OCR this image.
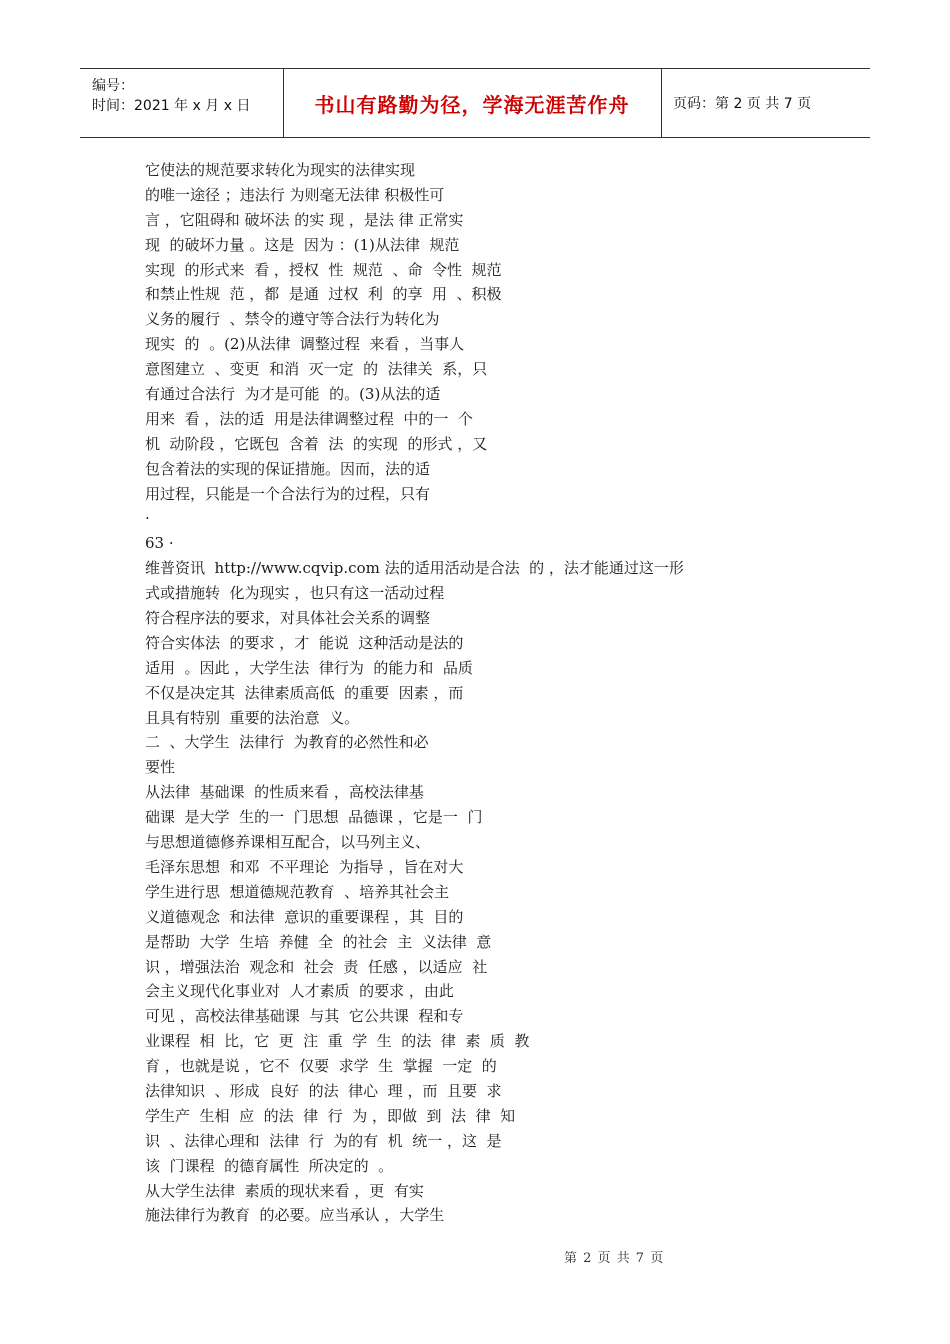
编号：
时间：2021 年 x 月 x 日	书山有路勤为径，学海无涯苦作舟	页码：第 2 页 共 7 页
它使法的规范要求转化为现实的法律实现
的唯一途径 ；违法行 为则毫无法律 积极性可
言 ，它阻碍和 破坏法 的实 现 ，是法 律 正常实
现  的破坏力量 。这是  因为 ：(1)从法律  规范
实现  的形式来  看 ，授权  性  规范  、命  令性  规范
和禁止性规  范 ，都  是通  过权  利  的享  用  、积极
义务的履行  、禁令的遵守等合法行为转化为
现实  的  。(2)从法律  调整过程  来看 ，当事人
意图建立  、变更  和消  灭一定  的  法律关  系，只
有通过合法行  为才是可能  的。(3)从法的适
用来  看 ，法的适  用是法律调整过程  中的一  个
机  动阶段 ，它既包  含着  法  的实现  的形式 ，又
包含着法的实现的保证措施。因而，法的适
用过程，只能是一个合法行为的过程，只有
·
63 ·
维普资讯  http://www.cqvip.com 法的适用活动是合法  的 ，法才能通过这一形
式或措施转  化为现实 ，也只有这一活动过程
符合程序法的要求，对具体社会关系的调整
符合实体法  的要求 ，才  能说  这种活动是法的
适用  。因此 ，大学生法  律行为  的能力和  品质
不仅是决定其  法律素质高低  的重要  因素 ，而
且具有特别  重要的法治意  义。
二  、大学生  法律行  为教育的必然性和必
要性
从法律  基础课  的性质来看 ，高校法律基
础课  是大学  生的一  门思想  品德课 ，它是一  门
与思想道德修养课相互配合，以马列主义、
毛泽东思想  和邓  不平理论  为指导 ，旨在对大
学生进行思  想道德规范教育  、培养其社会主
义道德观念  和法律  意识的重要课程 ，其  目的
是帮助  大学  生培  养健  全  的社会  主  义法律  意
识 ，增强法治  观念和  社会  责  任感 ，以适应  社
会主义现代化事业对  人才素质  的要求 ，由此
可见 ，高校法律基础课  与其  它公共课  程和专
业课程  相  比，它  更  注  重  学  生  的法  律  素  质  教
育 ，也就是说 ，它不  仅要  求学  生  掌握  一定  的
法律知识  、形成  良好  的法  律心  理 ，而  且要  求
学生产  生相  应  的法  律  行  为 ，即做  到  法  律  知
识  、法律心理和  法律  行  为的有  机  统一 ，这  是
该  门课程  的德育属性  所决定的  。
从大学生法律  素质的现状来看 ，更  有实
施法律行为教育  的必要。应当承认 ，大学生
第 2 页 共 7 页
